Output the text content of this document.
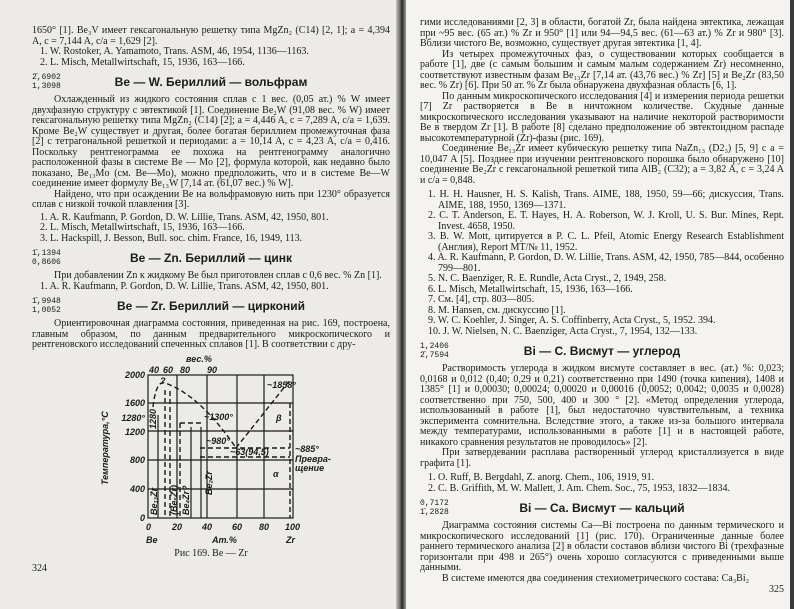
1650° [1]. Be₃V имеет гексагональную решетку типа MgZn₂ (C14) [2, 1]; a = 4,394 A, c = 7,144 A, c/a = 1,629 [2].
1. W. Rostoker, A. Yamamoto, Trans. ASM, 46, 1954, 1136—1163.
2. L. Misch, Metallwirtschaft, 15, 1936, 163—166.
2̄,6902
1,3098	Be — W. Бериллий — вольфрам
Охлажденный из жидкого состояния сплав с 1 вес. (0,05 ат.) % W имеет двухфазную структуру с эвтектикой [1]. Соединение Be₂W (91,08 вес. % W) имеет гексагональную решетку типа MgZn₂ (C14) [2]; a = 4,446 A, c = 7,289 A, c/a = 1,639. Кроме Be₂W существует и другая, более богатая бериллием промежуточная фаза [2] с тетрагональной решеткой и периодами: a = 10,14 A, c = 4,23 A, c/a = 0,416. Поскольку рентгенограмма ее похожа на рентгенограмму аналогично расположенной фазы в системе Be — Mo [2], формула которой, как недавно было показано, Be₁₃Mo (см. Be—Mo), можно предположить, что и в системе Be—W соединение имеет формулу Be₁₃W [7,14 ат. (61,07 вес.) % W].
Найдено, что при осаждении Be на вольфрамовую нить при 1230° образуется сплав с низкой точкой плавления [3].
1. A. R. Kaufmann, P. Gordon, D. W. Lillie, Trans. ASM, 42, 1950, 801.
2. L. Misch, Metallwirtschaft, 15, 1936, 163—166.
3. L. Hackspill, J. Besson, Bull. soc. chim. France, 16, 1949, 113.
1̄,1394
0,8606	Be — Zn. Бериллий — цинк
При добавлении Zn к жидкому Be был приготовлен сплав с 0,6 вес. % Zn [1].
1. A. R. Kaufmann, P. Gordon, D. W. Lillie, Trans. ASM, 42, 1950, 801.
1̄,9948
1,0052	Be — Zr. Бериллий — цирконий
Ориентировочная диаграмма состояния, приведенная на рис. 169, построена, главным образом, по данным предварительного микроскопического и рентгеновского исследований спеченных сплавов [1]. В соответствии с дру-
вес.%
40 60 80 90
2000
1600
1280°
1200
800
400
0
0 20 40 60 80 100
Be	Ат.%	Zr
Температура,°С
~1858°
~1300°
~980°
~63(94,5)	~885°
Превра-
щение
β
α
?
Be₁₃Zr (Be₅Zr) Be₄Zr?
Be₂Zr
1280
Рис 169. Be — Zr
324
гими исследованиями [2, 3] в области, богатой Zr, была найдена эвтектика, лежащая при ~95 вес. (65 ат.) % Zr и 950° [1] или 94—94,5 вес. (61—63 ат.) % Zr и 980° [3]. Вблизи чистого Be, возможно, существует другая эвтектика [1, 4].
Из четырех промежуточных фаз, о существовании которых сообщается в работе [1], две (с самым большим и самым малым содержанием Zr) несомненно, соответствуют известным фазам Be₁₃Zr [7,14 ат. (43,76 вес.) % Zr] [5] и Be₂Zr (83,50 вес. % Zr) [6]. При 50 ат. % Zr была обнаружена двухфазная область [6, 1].
По данным микроскопического исследования [4] и измерения периода решетки [7] Zr растворяется в Be в ничтожном количестве. Скудные данные микроскопического исследования указывают на наличие некоторой растворимости Be в твердом Zr [1]. В работе [8] сделано предположение об эвтектоидном распаде высокотемпературной (Zr)-фазы (рис. 169).
Соединение Be₁₃Zr имеет кубическую решетку типа NaZn₁₃ (D2₃) [5, 9] с a = 10,047 A [5]. Позднее при изучении рентгеновского порошка было обнаружено [10] соединение Be₂Zr с гексагональной решеткой типа AlB₂ (C32); a = 3,82 A, c = 3,24 A и c/a = 0,848.
1. H. H. Hausner, H. S. Kalish, Trans. AIME, 188, 1950, 59—66; дискуссия, Trans. AIME, 188, 1950, 1369—1371.
2. C. T. Anderson, E. T. Hayes, H. A. Roberson, W. J. Kroll, U. S. Bur. Mines, Rept. Invest. 4658, 1950.
3. B. W. Mott, цитируется в P. C. L. Pfeil, Atomic Energy Research Establishment (Англия), Report MT/№ 11, 1952.
4. A. R. Kaufmann, P. Gordon, D. W. Lillie, Trans. ASM, 42, 1950, 785—844, особенно 799—801.
5. N. C. Baenziger, R. E. Rundle, Acta Cryst., 2, 1949, 258.
6. L. Misch, Metallwirtschaft, 15, 1936, 163—166.
7. См. [4], стр. 803—805.
8. M. Hansen, см. дискуссию [1].
9. W. C. Koehler, J. Singer, A. S. Coffinberry, Acta Cryst., 5, 1952. 394.
10. J. W. Nielsen, N. C. Baenziger, Acta Cryst., 7, 1954, 132—133.
1,2406
2̄,7594	Bi — C. Висмут — углерод
Растворимость углерода в жидком висмуте составляет в вес. (ат.) %: 0,023; 0,0168 и 0,012 (0,40; 0,29 и 0,21) соответственно при 1490 (точка кипения), 1408 и 1385° [1] и 0,00030; 0,00024; 0,00020 и 0,00016 (0,0052; 0,0042; 0,0035 и 0,0028) соответственно при 750, 500, 400 и 300 ° [2]. «Метод определения углерода, использованный в работе [1], был недостаточно чувствительным, а техника эксперимента сомнительна. Вследствие этого, а также из-за большого интервала между температурами, использованными в работе [1] и в настоящей работе, никакого сравнения результатов не проводилось» [2].
При затвердевании расплава растворенный углерод кристаллизуется в виде графита [1].
1. O. Ruff, B. Bergdahl, Z. anorg. Chem., 106, 1919, 91.
2. C. B. Griffith, M. W. Mallett, J. Am. Chem. Soc., 75, 1953, 1832—1834.
0,7172
1̄,2828	Bi — Ca. Висмут — кальций
Диаграмма состояния системы Ca—Bi построена по данным термического и микроскопического исследований [1] (рис. 170). Ограниченные данные более раннего термического анализа [2] в области составов вблизи чистого Bi (трехфазные горизонтали при 498 и 265°) очень хорошо согласуются с приведенными выше данными.
В системе имеются два соединения стехиометрического состава: Ca₃Bi₂
325
